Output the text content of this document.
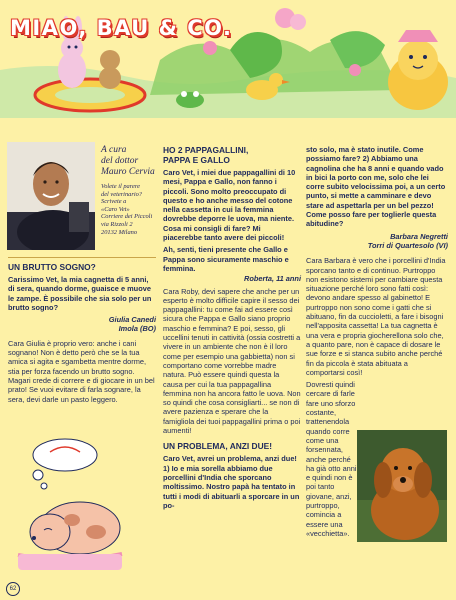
MIAO, BAU & CO.
A cura
del dottor
Mauro Cervia
Volete il parere
del veterinario?
Scrivete a
«Caro Vet»
Corriere dei Piccoli
via Rizzoli 2
20132 Milano

UN BRUTTO SOGNO?

Carissimo Vet, la mia cagnetta di 5 anni, di sera, quando dorme, guaisce e muove le zampe. È possibile che sia solo per un brutto sogno?

Giulia Canedi
Imola (BO)

Cara Giulia è proprio vero: anche i cani sognano! Non è detto però che se la tua amica si agita e sgambetta mentre dorme, stia per forza facendo un brutto sogno. Magari crede di correre e di giocare in un bel prato! Se vuoi evitare di farla sognare, la sera, devi darle un pasto leggero.

HO 2 PAPPAGALLINI,

PAPPA E GALLO

Caro Vet, i miei due pappagallini di 10 mesi, Pappa e Gallo, non fanno i piccoli. Sono molto preoccupato di questo e ho anche messo del cotone nella cassetta in cui la femmina dovrebbe deporre le uova, ma niente. Cosa mi consigli di fare? Mi piacerebbe tanto avere dei piccoli!

Ah, senti, tieni presente che Gallo e Pappa sono sicuramente maschio e femmina.

Roberta, 11 anni

Cara Roby, devi sapere che anche per un esperto è molto difficile capire il sesso dei pappagallini: tu come fai ad essere così sicura che Pappa e Gallo siano proprio maschio e femmina? E poi, sesso, gli uccellini tenuti in cattività (ossia costretti a vivere in un ambiente che non è il loro come per esempio una gabbietta) non si comportano come vorrebbe madre natura. Può essere quindi questa la causa per cui la tua pappagallina femmina non ha ancora fatto le uova. Non so quindi che cosa consigliarti... se non di avere pazienza e sperare che la famigliola dei tuoi pappagallini prima o poi aumenti!

UN PROBLEMA, ANZI DUE!

Caro Vet, avrei un problema, anzi due! 1) Io e mia sorella abbiamo due porcellini d'India che sporcano moltissimo. Nostro papà ha tentato in tutti i modi di abituarli a sporcare in un po-

sto solo, ma è stato inutile. Come possiamo fare? 2) Abbiamo una cagnolina che ha 8 anni e quando vado in bici la porto con me, solo che lei corre subito velocissima poi, a un certo punto, si mette a camminare e devo stare ad aspettarla per un bel pezzo! Come posso fare per toglierle questa abitudine?

Barbara Negretti
Torri di Quartesolo (VI)

Cara Barbara è vero che i porcellini d'India sporcano tanto e di continuo. Purtroppo non esistono sistemi per cambiare questa situazione perché loro sono fatti così: devono andare spesso al gabinetto! E purtroppo non sono come i gatti che si abituano, fin da cuccioletti, a fare i bisogni nell'apposita cassetta! La tua cagnetta è una vera e propria giocherellona solo che, a quanto pare, non è capace di dosare le sue forze e si stanca subito anche perché fin da piccola è stata abituata a comportarsi così!

Dovresti quindi cercare di farle fare uno sforzo costante, trattenendola quando corre come una forsennata, anche perché ha già otto anni e quindi non è poi tanto giovane, anzi, purtroppo, comincia a essere una «vecchietta».

62
